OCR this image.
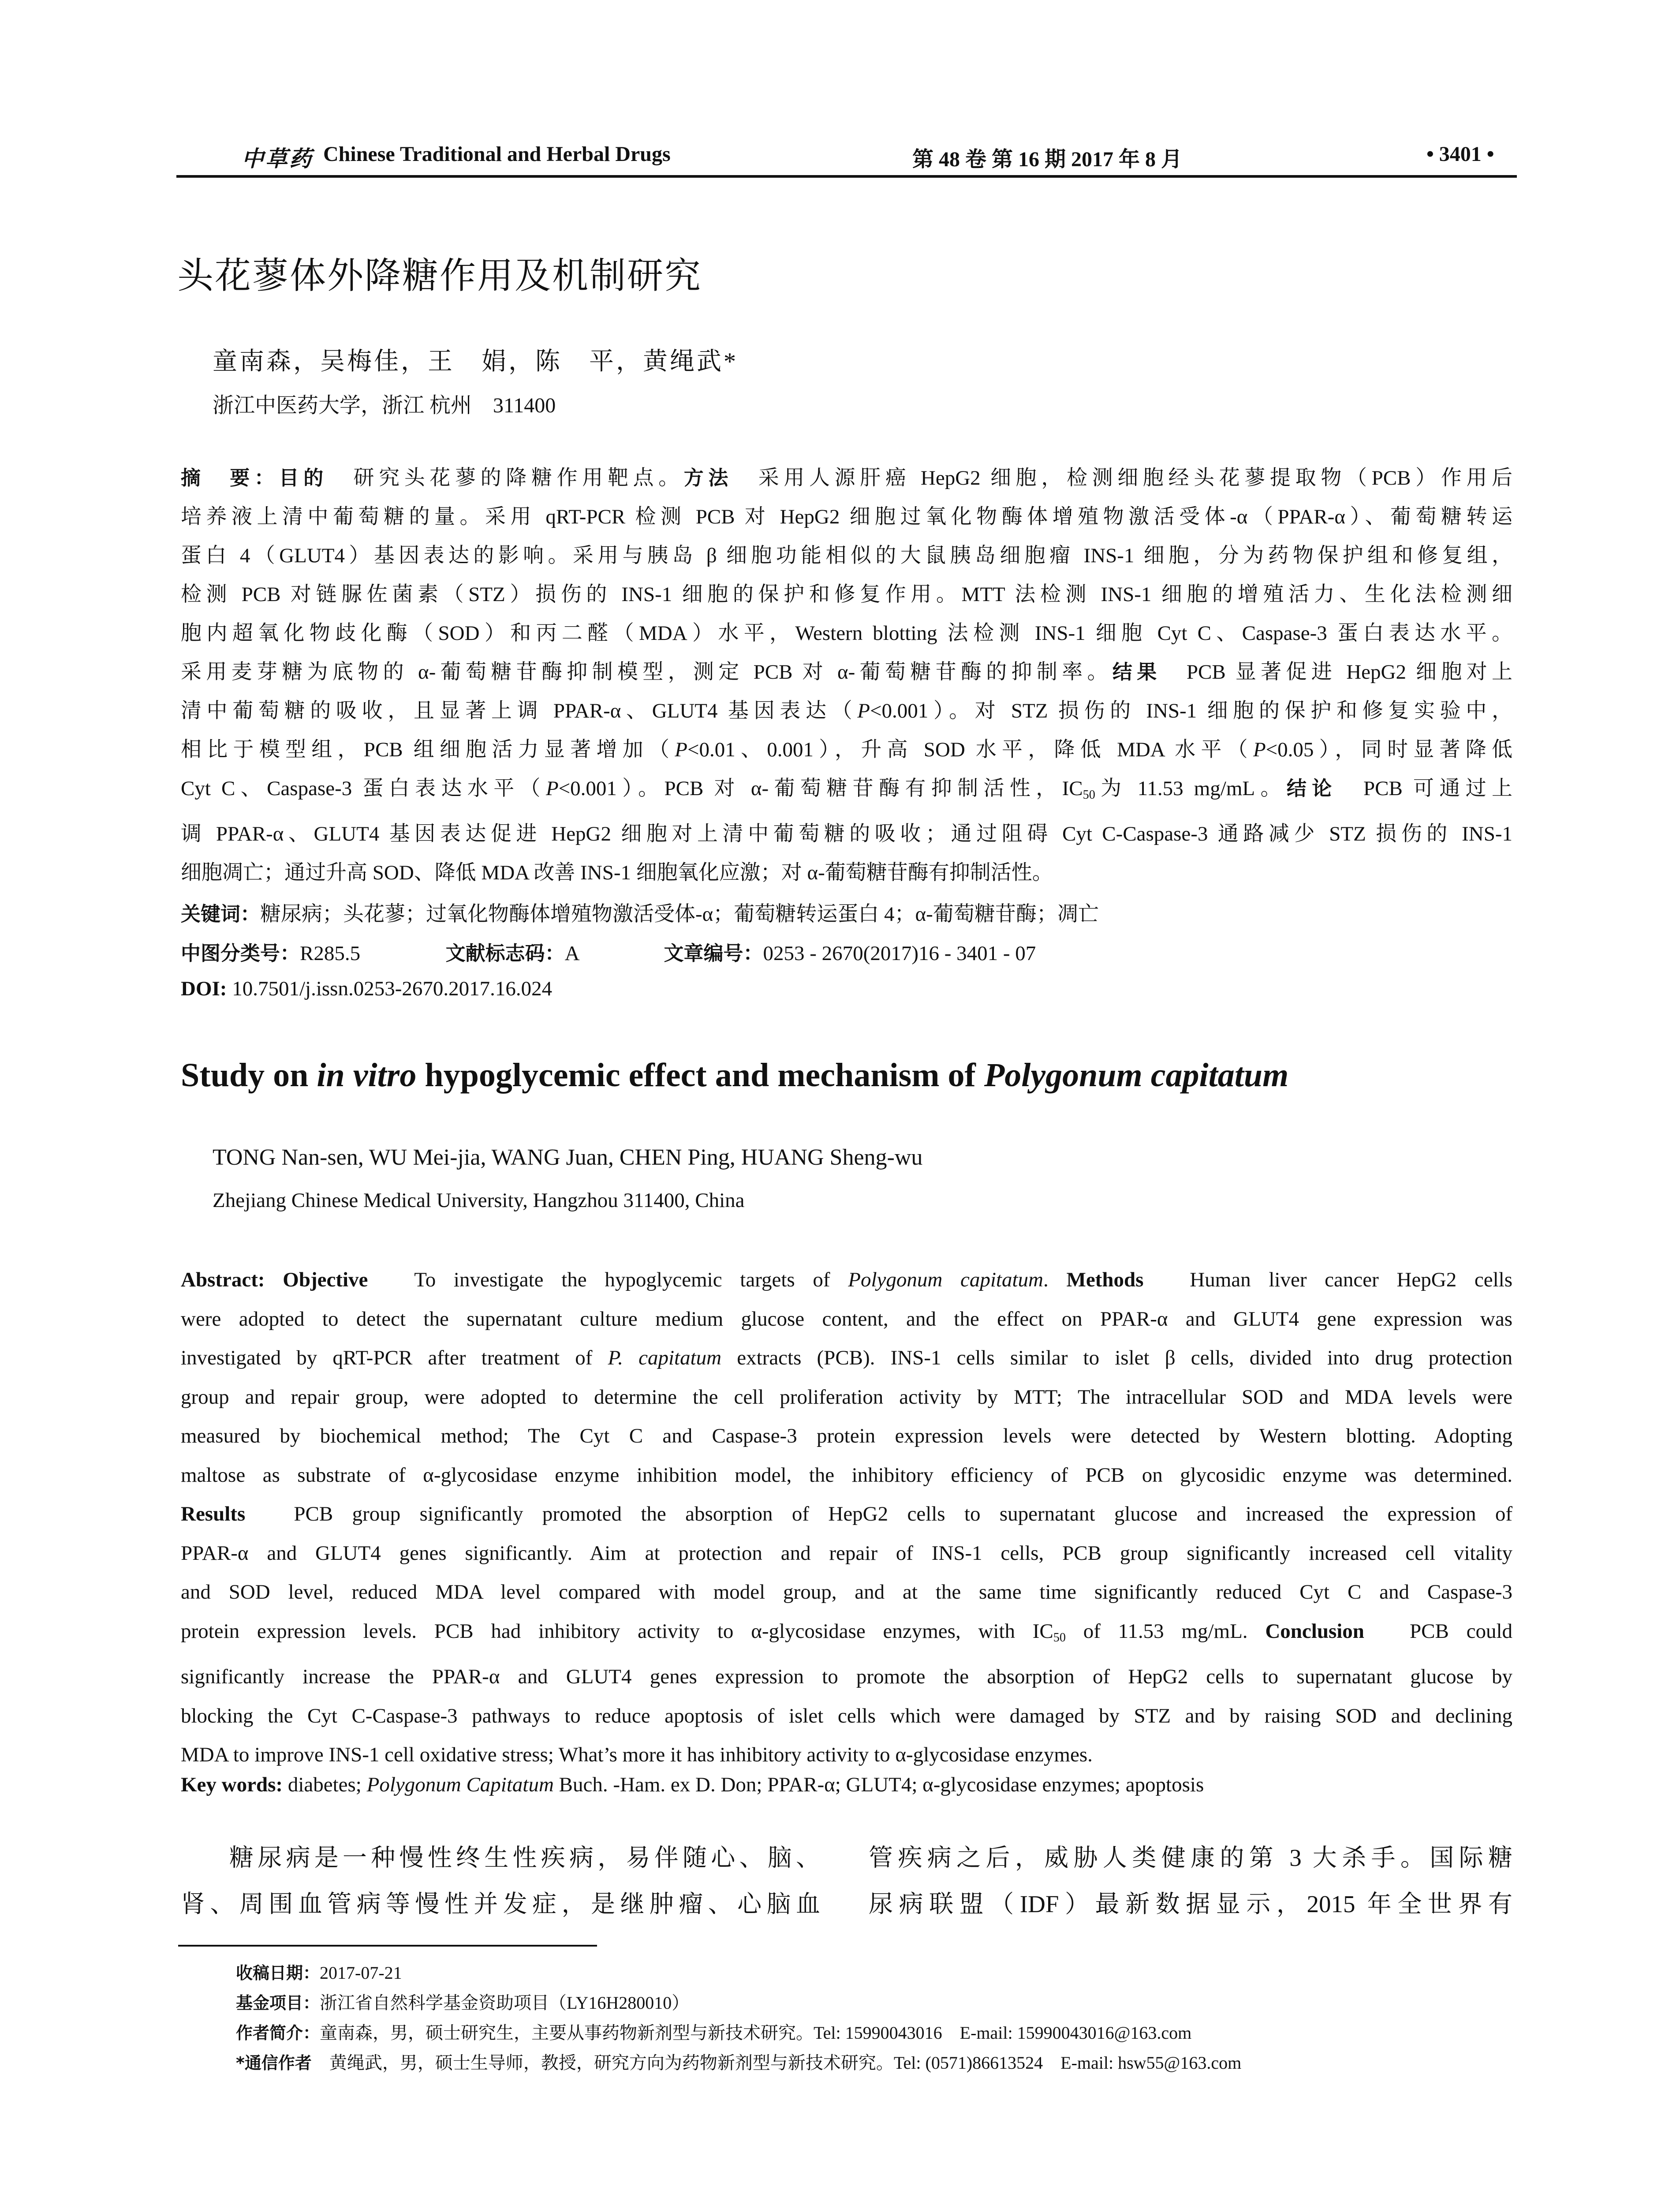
中草药 Chinese Traditional and Herbal Drugs	第 48 卷 第 16 期 2017 年 8 月	• 3401 •
头花蓼体外降糖作用及机制研究
童南森，吴梅佳，王　娟，陈　平，黄绳武*
浙江中医药大学，浙江 杭州　311400
摘　要：目的　 研究头花蓼的降糖作用靶点。方法　 采用人源肝癌 HepG2 细胞，检测细胞经头花蓼提取物（PCB）作用后
培养液上清中葡萄糖的量。采用 qRT-PCR 检测 PCB 对 HepG2 细胞过氧化物酶体增殖物激活受体-α（PPAR-α）、葡萄糖转运
蛋白 4（GLUT4）基因表达的影响。采用与胰岛 β 细胞功能相似的大鼠胰岛细胞瘤 INS-1 细胞，分为药物保护组和修复组，
检测 PCB 对链脲佐菌素（STZ）损伤的 INS-1 细胞的保护和修复作用。MTT 法检测 INS-1 细胞的增殖活力、生化法检测细
胞内超氧化物歧化酶（SOD）和丙二醛（MDA）水平，Western blotting 法检测 INS-1 细胞 Cyt C、Caspase-3 蛋白表达水平。
采用麦芽糖为底物的 α-葡萄糖苷酶抑制模型，测定 PCB 对 α-葡萄糖苷酶的抑制率。结果　 PCB 显著促进 HepG2 细胞对上
清中葡萄糖的吸收，且显著上调 PPAR-α、GLUT4 基因表达（P<0.001）。对 STZ 损伤的 INS-1 细胞的保护和修复实验中，
相比于模型组，PCB 组细胞活力显著增加（P<0.01、0.001），升高 SOD 水平，降低 MDA 水平（P<0.05），同时显著降低
Cyt C、Caspase-3 蛋白表达水平（P<0.001）。PCB 对 α-葡萄糖苷酶有抑制活性，$IC_{50}$为 11.53 mg/mL。结论　 PCB 可通过上
调 PPAR-α、GLUT4 基因表达促进 HepG2 细胞对上清中葡萄糖的吸收；通过阻碍 Cyt C-Caspase-3 通路减少 STZ 损伤的 INS-1
细胞凋亡；通过升高 SOD、降低 MDA 改善 INS-1 细胞氧化应激；对 α-葡萄糖苷酶有抑制活性。
关键词：糖尿病；头花蓼；过氧化物酶体增殖物激活受体-α；葡萄糖转运蛋白 4；α-葡萄糖苷酶；凋亡
中图分类号：R285.5	文献标志码：A	文章编号：0253 - 2670(2017)16 - 3401 - 07
DOI: 10.7501/j.issn.0253-2670.2017.16.024
Study on in vitro hypoglycemic effect and mechanism of Polygonum capitatum
TONG Nan-sen, WU Mei-jia, WANG Juan, CHEN Ping, HUANG Sheng-wu
Zhejiang Chinese Medical University, Hangzhou 311400, China
Abstract: Objective　 To investigate the hypoglycemic targets of Polygonum capitatum. Methods　 Human liver cancer HepG2 cells
were adopted to detect the supernatant culture medium glucose content, and the effect on PPAR-α and GLUT4 gene expression was
investigated by qRT-PCR after treatment of P. capitatum extracts (PCB). INS-1 cells similar to islet β cells, divided into drug protection
group and repair group, were adopted to determine the cell proliferation activity by MTT; The intracellular SOD and MDA levels were
measured by biochemical method; The Cyt C and Caspase-3 protein expression levels were detected by Western blotting. Adopting
maltose as substrate of α-glycosidase enzyme inhibition model, the inhibitory efficiency of PCB on glycosidic enzyme was determined.
Results　 PCB group significantly promoted the absorption of HepG2 cells to supernatant glucose and increased the expression of
PPAR-α and GLUT4 genes significantly. Aim at protection and repair of INS-1 cells, PCB group significantly increased cell vitality
and SOD level, reduced MDA level compared with model group, and at the same time significantly reduced Cyt C and Caspase-3
protein expression levels. PCB had inhibitory activity to α-glycosidase enzymes, with $IC_{50}$ of 11.53 mg/mL. Conclusion　 PCB could
significantly increase the PPAR-α and GLUT4 genes expression to promote the absorption of HepG2 cells to supernatant glucose by
blocking the Cyt C-Caspase-3 pathways to reduce apoptosis of islet cells which were damaged by STZ and by raising SOD and declining
MDA to improve INS-1 cell oxidative stress; What’s more it has inhibitory activity to α-glycosidase enzymes.
Key words: diabetes; Polygonum Capitatum Buch. -Ham. ex D. Don; PPAR-α; GLUT4; α-glycosidase enzymes; apoptosis
糖尿病是一种慢性终生性疾病，易伴随心、脑、
肾、周围血管病等慢性并发症，是继肿瘤、心脑血
管疾病之后，威胁人类健康的第 3 大杀手。国际糖
尿病联盟（IDF）最新数据显示，2015 年全世界有
收稿日期：2017-07-21
基金项目：浙江省自然科学基金资助项目（LY16H280010）
作者简介：童南森，男，硕士研究生，主要从事药物新剂型与新技术研究。Tel: 15990043016　E-mail: 15990043016@163.com
*通信作者　 黄绳武，男，硕士生导师，教授，研究方向为药物新剂型与新技术研究。Tel: (0571)86613524　E-mail: hsw55@163.com
